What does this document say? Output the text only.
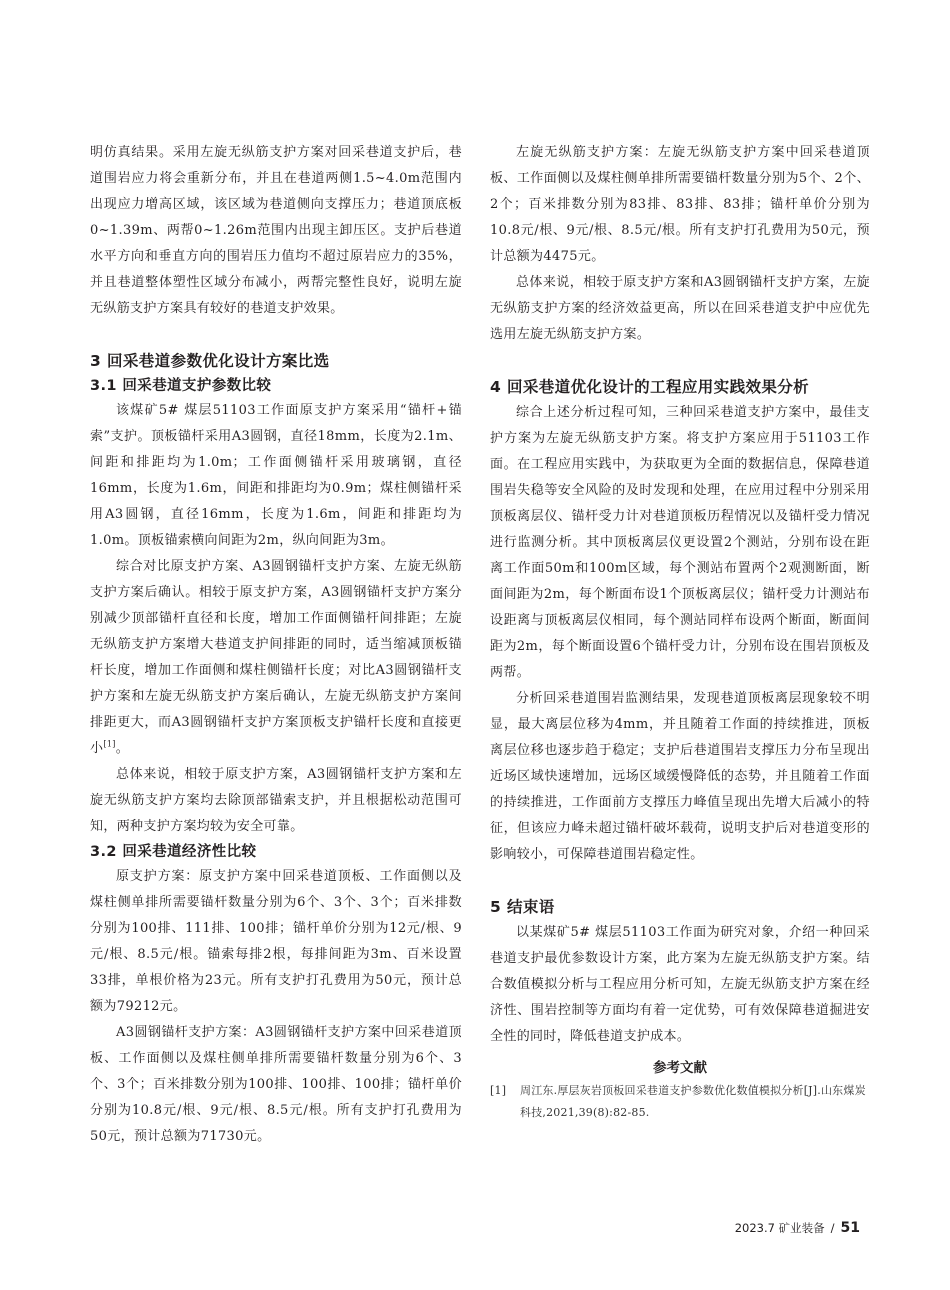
明仿真结果。采用左旋无纵筋支护方案对回采巷道支护后，巷道围岩应力将会重新分布，并且在巷道两侧1.5~4.0m范围内出现应力增高区域，该区域为巷道侧向支撑压力；巷道顶底板0~1.39m、两帮0~1.26m范围内出现主卸压区。支护后巷道水平方向和垂直方向的围岩压力值均不超过原岩应力的35%，并且巷道整体塑性区域分布减小，两帮完整性良好，说明左旋无纵筋支护方案具有较好的巷道支护效果。

3 回采巷道参数优化设计方案比选
3.1 回采巷道支护参数比较

该煤矿5# 煤层51103工作面原支护方案采用“锚杆+锚索”支护。顶板锚杆采用A3圆钢，直径18mm，长度为2.1m、间距和排距均为1.0m；工作面侧锚杆采用玻璃钢，直径16mm，长度为1.6m，间距和排距均为0.9m；煤柱侧锚杆采用A3圆钢，直径16mm，长度为1.6m，间距和排距均为1.0m。顶板锚索横向间距为2m，纵向间距为3m。

综合对比原支护方案、A3圆钢锚杆支护方案、左旋无纵筋支护方案后确认。相较于原支护方案，A3圆钢锚杆支护方案分别减少顶部锚杆直径和长度，增加工作面侧锚杆间排距；左旋无纵筋支护方案增大巷道支护间排距的同时，适当缩减顶板锚杆长度，增加工作面侧和煤柱侧锚杆长度；对比A3圆钢锚杆支护方案和左旋无纵筋支护方案后确认，左旋无纵筋支护方案间排距更大，而A3圆钢锚杆支护方案顶板支护锚杆长度和直接更小[1]。

总体来说，相较于原支护方案，A3圆钢锚杆支护方案和左旋无纵筋支护方案均去除顶部锚索支护，并且根据松动范围可知，两种支护方案均较为安全可靠。

3.2 回采巷道经济性比较

原支护方案：原支护方案中回采巷道顶板、工作面侧以及煤柱侧单排所需要锚杆数量分别为6个、3个、3个；百米排数分别为100排、111排、100排；锚杆单价分别为12元/根、9元/根、8.5元/根。锚索每排2根，每排间距为3m、百米设置33排，单根价格为23元。所有支护打孔费用为50元，预计总额为79212元。

A3圆钢锚杆支护方案：A3圆钢锚杆支护方案中回采巷道顶板、工作面侧以及煤柱侧单排所需要锚杆数量分别为6个、3个、3个；百米排数分别为100排、100排、100排；锚杆单价分别为10.8元/根、9元/根、8.5元/根。所有支护打孔费用为50元，预计总额为71730元。

左旋无纵筋支护方案：左旋无纵筋支护方案中回采巷道顶板、工作面侧以及煤柱侧单排所需要锚杆数量分别为5个、2个、2个；百米排数分别为83排、83排、83排；锚杆单价分别为10.8元/根、9元/根、8.5元/根。所有支护打孔费用为50元，预计总额为4475元。

总体来说，相较于原支护方案和A3圆钢锚杆支护方案，左旋无纵筋支护方案的经济效益更高，所以在回采巷道支护中应优先选用左旋无纵筋支护方案。

4 回采巷道优化设计的工程应用实践效果分析

综合上述分析过程可知，三种回采巷道支护方案中，最佳支护方案为左旋无纵筋支护方案。将支护方案应用于51103工作面。在工程应用实践中，为获取更为全面的数据信息，保障巷道围岩失稳等安全风险的及时发现和处理，在应用过程中分别采用顶板离层仪、锚杆受力计对巷道顶板历程情况以及锚杆受力情况进行监测分析。其中顶板离层仪更设置2个测站，分别布设在距离工作面50m和100m区域，每个测站布置两个2观测断面，断面间距为2m，每个断面布设1个顶板离层仪；锚杆受力计测站布设距离与顶板离层仪相同，每个测站同样布设两个断面，断面间距为2m，每个断面设置6个锚杆受力计，分别布设在围岩顶板及两帮。

分析回采巷道围岩监测结果，发现巷道顶板离层现象较不明显，最大离层位移为4mm，并且随着工作面的持续推进，顶板离层位移也逐步趋于稳定；支护后巷道围岩支撑压力分布呈现出近场区域快速增加，远场区域缓慢降低的态势，并且随着工作面的持续推进，工作面前方支撑压力峰值呈现出先增大后减小的特征，但该应力峰未超过锚杆破坏载荷，说明支护后对巷道变形的影响较小，可保障巷道围岩稳定性。

5 结束语

以某煤矿5# 煤层51103工作面为研究对象，介绍一种回采巷道支护最优参数设计方案，此方案为左旋无纵筋支护方案。结合数值模拟分析与工程应用分析可知，左旋无纵筋支护方案在经济性、围岩控制等方面均有着一定优势，可有效保障巷道掘进安全性的同时，降低巷道支护成本。

参考文献
[1]	周江东.厚层灰岩顶板回采巷道支护参数优化数值模拟分析[J].山东煤炭科技,2021,39(8):82-85.
2023.7 矿业装备 / 51
